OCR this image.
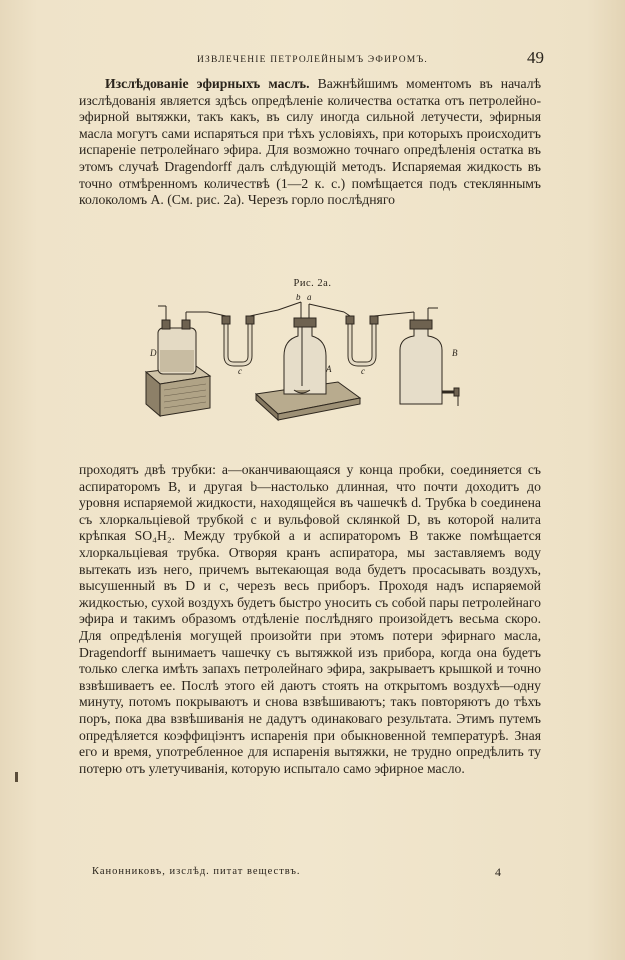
ИЗВЛЕЧЕНІЕ ПЕТРОЛЕЙНЫМЪ ЭФИРОМЪ.	49
Изслѣдованіе эфирныхъ маслъ. Важнѣйшимъ моментомъ въ началѣ изслѣдованія является здѣсь опредѣленіе количества остатка отъ петролейно-эфирной вытяжки, такъ какъ, въ силу иногда сильной летучести, эфирныя масла могутъ сами испаряться при тѣхъ условіяхъ, при которыхъ происходитъ испареніе петролейнаго эфира. Для возможно точнаго опредѣленія остатка въ этомъ случаѣ Dragendorff далъ слѣдующій методъ. Испаряемая жидкость въ точно отмѣренномъ количествѣ (1—2 к. с.) помѣщается подъ стекляннымъ колоколомъ A. (См. рис. 2a). Черезъ горло послѣдняго
Рис. 2а.
D
c
b a
A	c
B
проходятъ двѣ трубки: a—оканчивающаяся у конца пробки, соединяется съ аспираторомъ B, и другая b—настолько длинная, что почти доходитъ до уровня испаряемой жидкости, находящейся въ чашечкѣ d. Трубка b соединена съ хлоркальціевой трубкой c и вульфовой склянкой D, въ которой налита крѣпкая SO₄H₂. Между трубкой a и аспираторомъ B также помѣщается хлоркальціевая трубка. Отворяя кранъ аспиратора, мы заставляемъ воду вытекать изъ него, причемъ вытекающая вода будетъ просасывать воздухъ, высушенный въ D и c, черезъ весь приборъ. Проходя надъ испаряемой жидкостью, сухой воздухъ будетъ быстро уносить съ собой пары петролейнаго эфира и такимъ образомъ отдѣленіе послѣдняго произойдетъ весьма скоро. Для опредѣленія могущей произойти при этомъ потери эфирнаго масла, Dragendorff вынимаетъ чашечку съ вытяжкой изъ прибора, когда она будетъ только слегка имѣть запахъ петролейнаго эфира, закрываетъ крышкой и точно взвѣшиваетъ ее. Послѣ этого ей даютъ стоять на открытомъ воздухѣ—одну минуту, потомъ покрываютъ и снова взвѣшиваютъ; такъ повторяютъ до тѣхъ поръ, пока два взвѣшиванія не дадутъ одинаковаго результата. Этимъ путемъ опредѣляется коэффиціэнтъ испаренія при обыкновенной температурѣ. Зная его и время, употребленное для испаренія вытяжки, не трудно опредѣлить ту потерю отъ улетучиванія, которую испытало само эфирное масло.
Канонниковъ, изслѣд. питат веществъ.	4
